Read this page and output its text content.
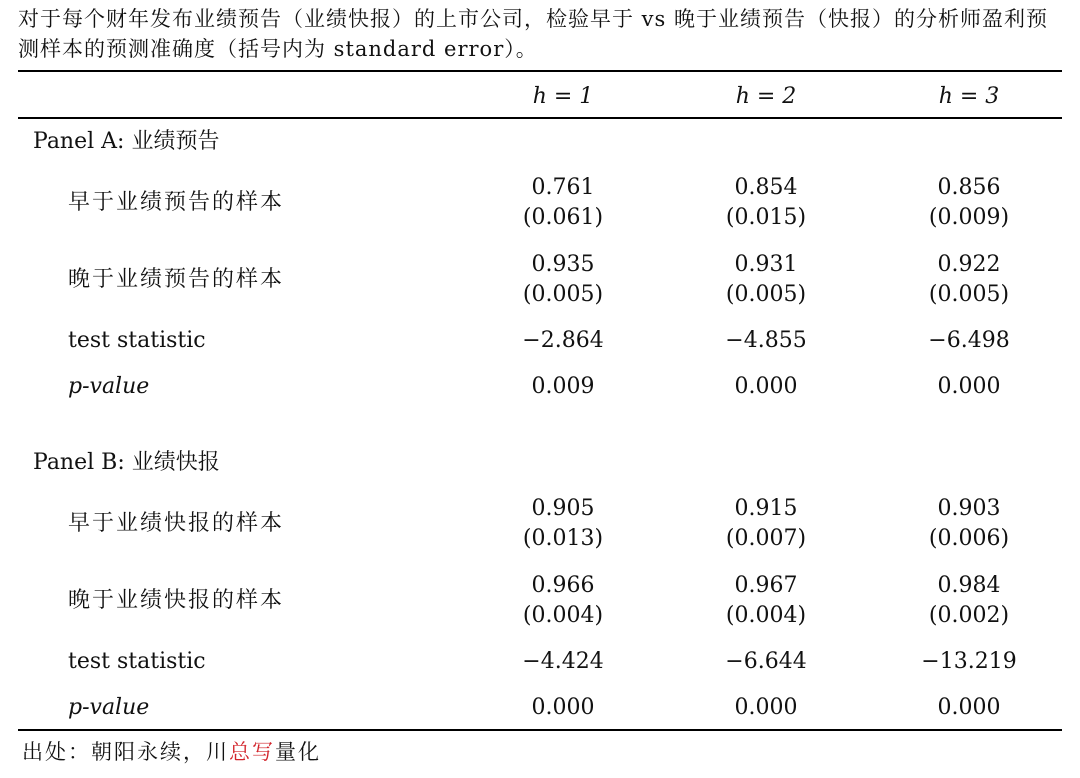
对于每个财年发布业绩预告（业绩快报）的上市公司，检验早于 vs 晚于业绩预告（快报）的分析师盈利预测样本的预测准确度（括号内为 standard error）。
h = 1	h = 2	h = 3
Panel A: 业绩预告
早于业绩预告的样本
0.761	0.854	0.856
(0.061)	(0.015)	(0.009)
晚于业绩预告的样本
0.935	0.931	0.922
(0.005)	(0.005)	(0.005)
test statistic	−2.864	−4.855	−6.498
p-value	0.009	0.000	0.000
Panel B: 业绩快报
早于业绩快报的样本
0.905	0.915	0.903
(0.013)	(0.007)	(0.006)
晚于业绩快报的样本
0.966	0.967	0.984
(0.004)	(0.004)	(0.002)
test statistic	−4.424	−6.644	−13.219
p-value	0.000	0.000	0.000
出处：朝阳永续，川总写量化
